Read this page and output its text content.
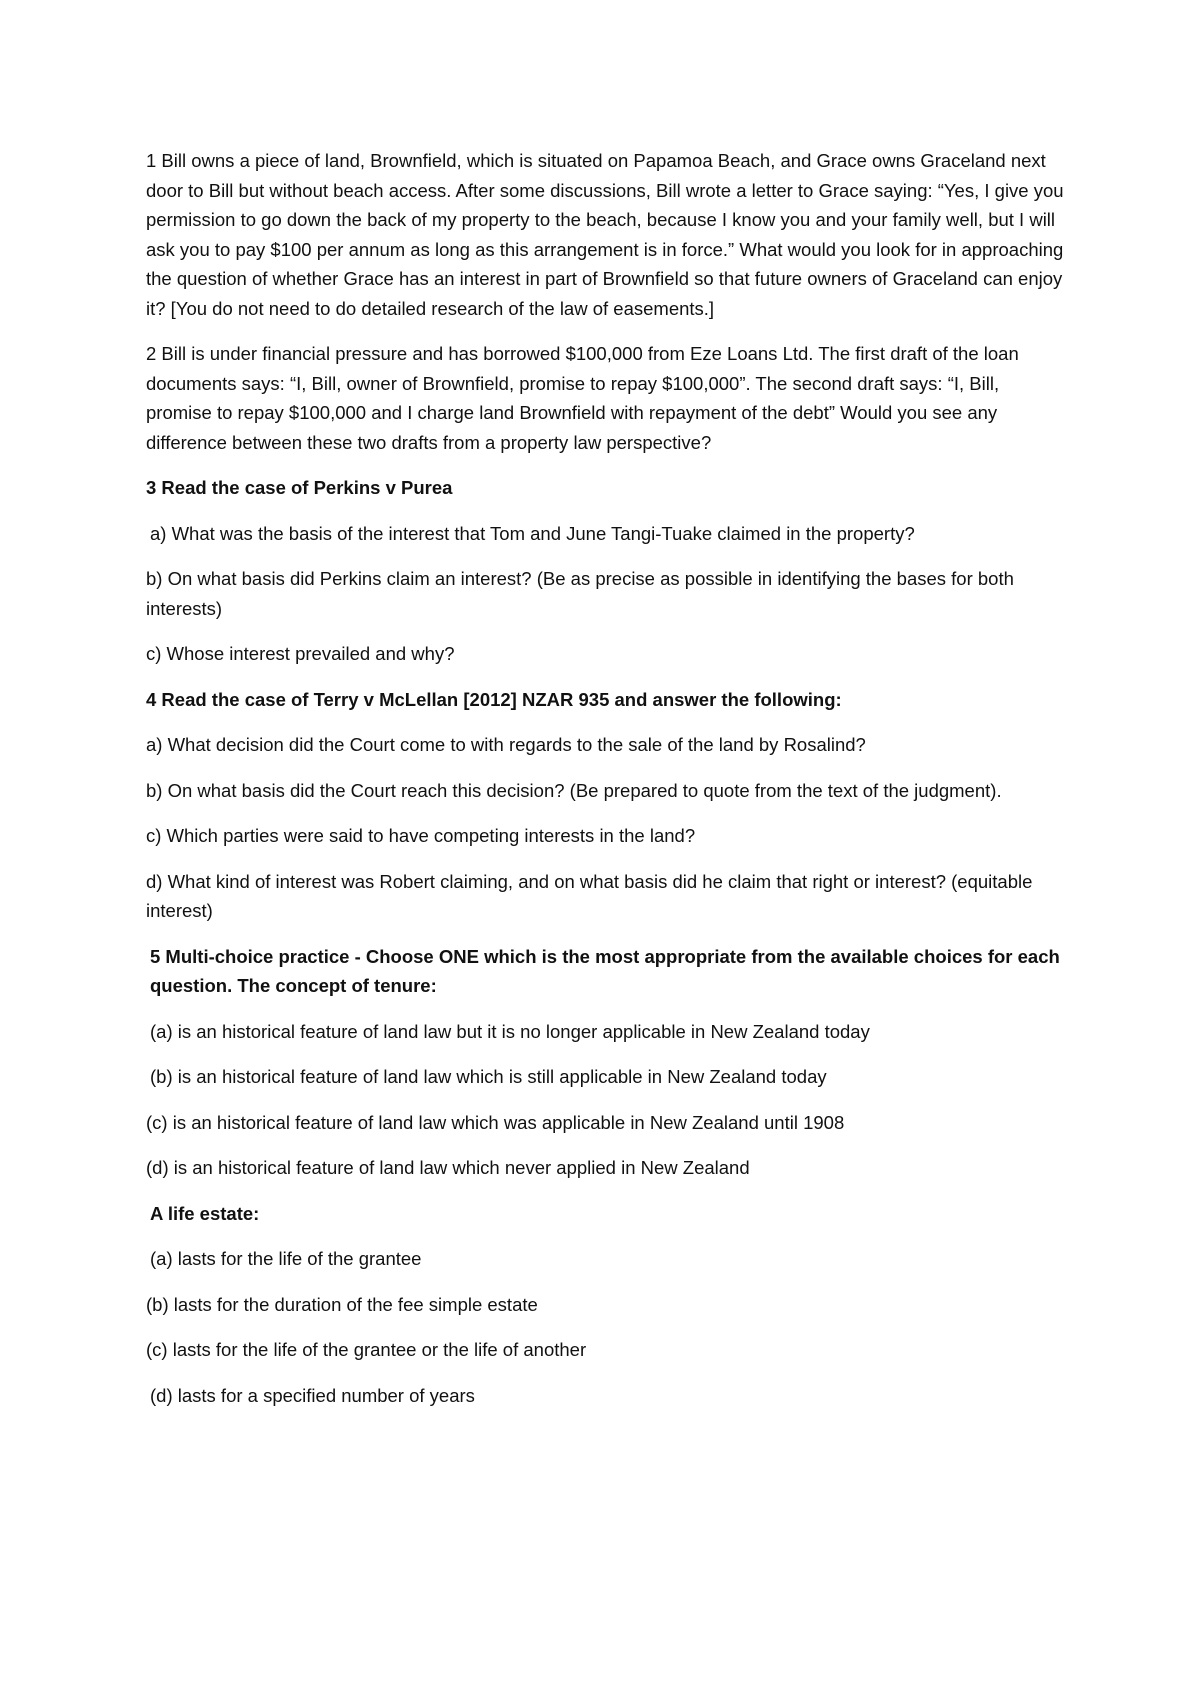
1 Bill owns a piece of land, Brownfield, which is situated on Papamoa Beach, and Grace owns Graceland next door to Bill but without beach access. After some discussions, Bill wrote a letter to Grace saying: “Yes, I give you permission to go down the back of my property to the beach, because I know you and your family well, but I will ask you to pay $100 per annum as long as this arrangement is in force.” What would you look for in approaching the question of whether Grace has an interest in part of Brownfield so that future owners of Graceland can enjoy it? [You do not need to do detailed research of the law of easements.]

2 Bill is under financial pressure and has borrowed $100,000 from Eze Loans Ltd. The first draft of the loan documents says: “I, Bill, owner of Brownfield, promise to repay $100,000”. The second draft says: “I, Bill, promise to repay $100,000 and I charge land Brownfield with repayment of the debt” Would you see any difference between these two drafts from a property law perspective?

3 Read the case of Perkins v Purea

a) What was the basis of the interest that Tom and June Tangi-Tuake claimed in the property?

b) On what basis did Perkins claim an interest? (Be as precise as possible in identifying the bases for both interests)

c) Whose interest prevailed and why?

4 Read the case of Terry v McLellan [2012] NZAR 935 and answer the following:

a) What decision did the Court come to with regards to the sale of the land by Rosalind?

b) On what basis did the Court reach this decision? (Be prepared to quote from the text of the judgment).

c) Which parties were said to have competing interests in the land?

d) What kind of interest was Robert claiming, and on what basis did he claim that right or interest? (equitable interest)

5 Multi-choice practice - Choose ONE which is the most appropriate from the available choices for each question. The concept of tenure:

(a) is an historical feature of land law but it is no longer applicable in New Zealand today

(b) is an historical feature of land law which is still applicable in New Zealand today

(c) is an historical feature of land law which was applicable in New Zealand until 1908

(d) is an historical feature of land law which never applied in New Zealand

A life estate:

(a) lasts for the life of the grantee

(b) lasts for the duration of the fee simple estate

(c) lasts for the life of the grantee or the life of another

(d) lasts for a specified number of years
